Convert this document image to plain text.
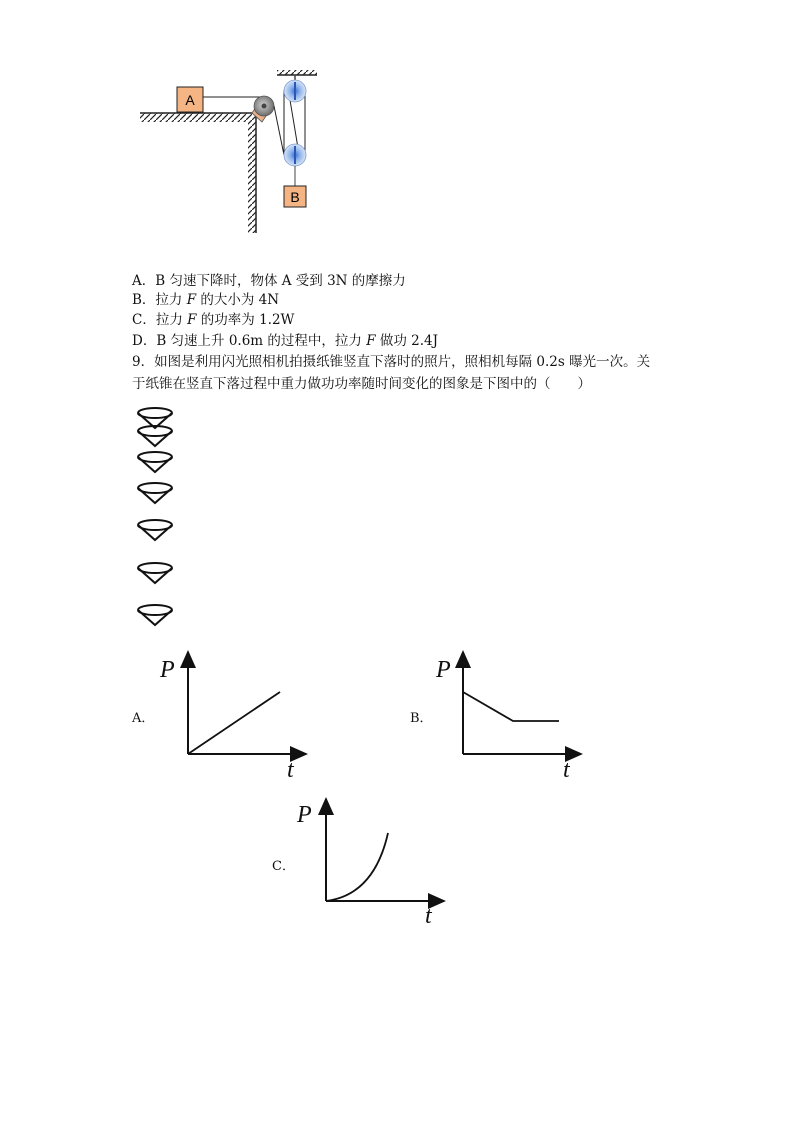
A
B
A．B 匀速下降时，物体 A 受到 3N 的摩擦力
B．拉力 F 的大小为 4N
C．拉力 F 的功率为 1.2W
D．B 匀速上升 0.6m 的过程中，拉力 F 做功 2.4J
9．如图是利用闪光照相机拍摄纸锥竖直下落时的照片，照相机每隔 0.2s 曝光一次。关
于纸锥在竖直下落过程中重力做功功率随时间变化的图象是下图中的（　　）
A．
P
t
B．
P
t
C．
P
t
